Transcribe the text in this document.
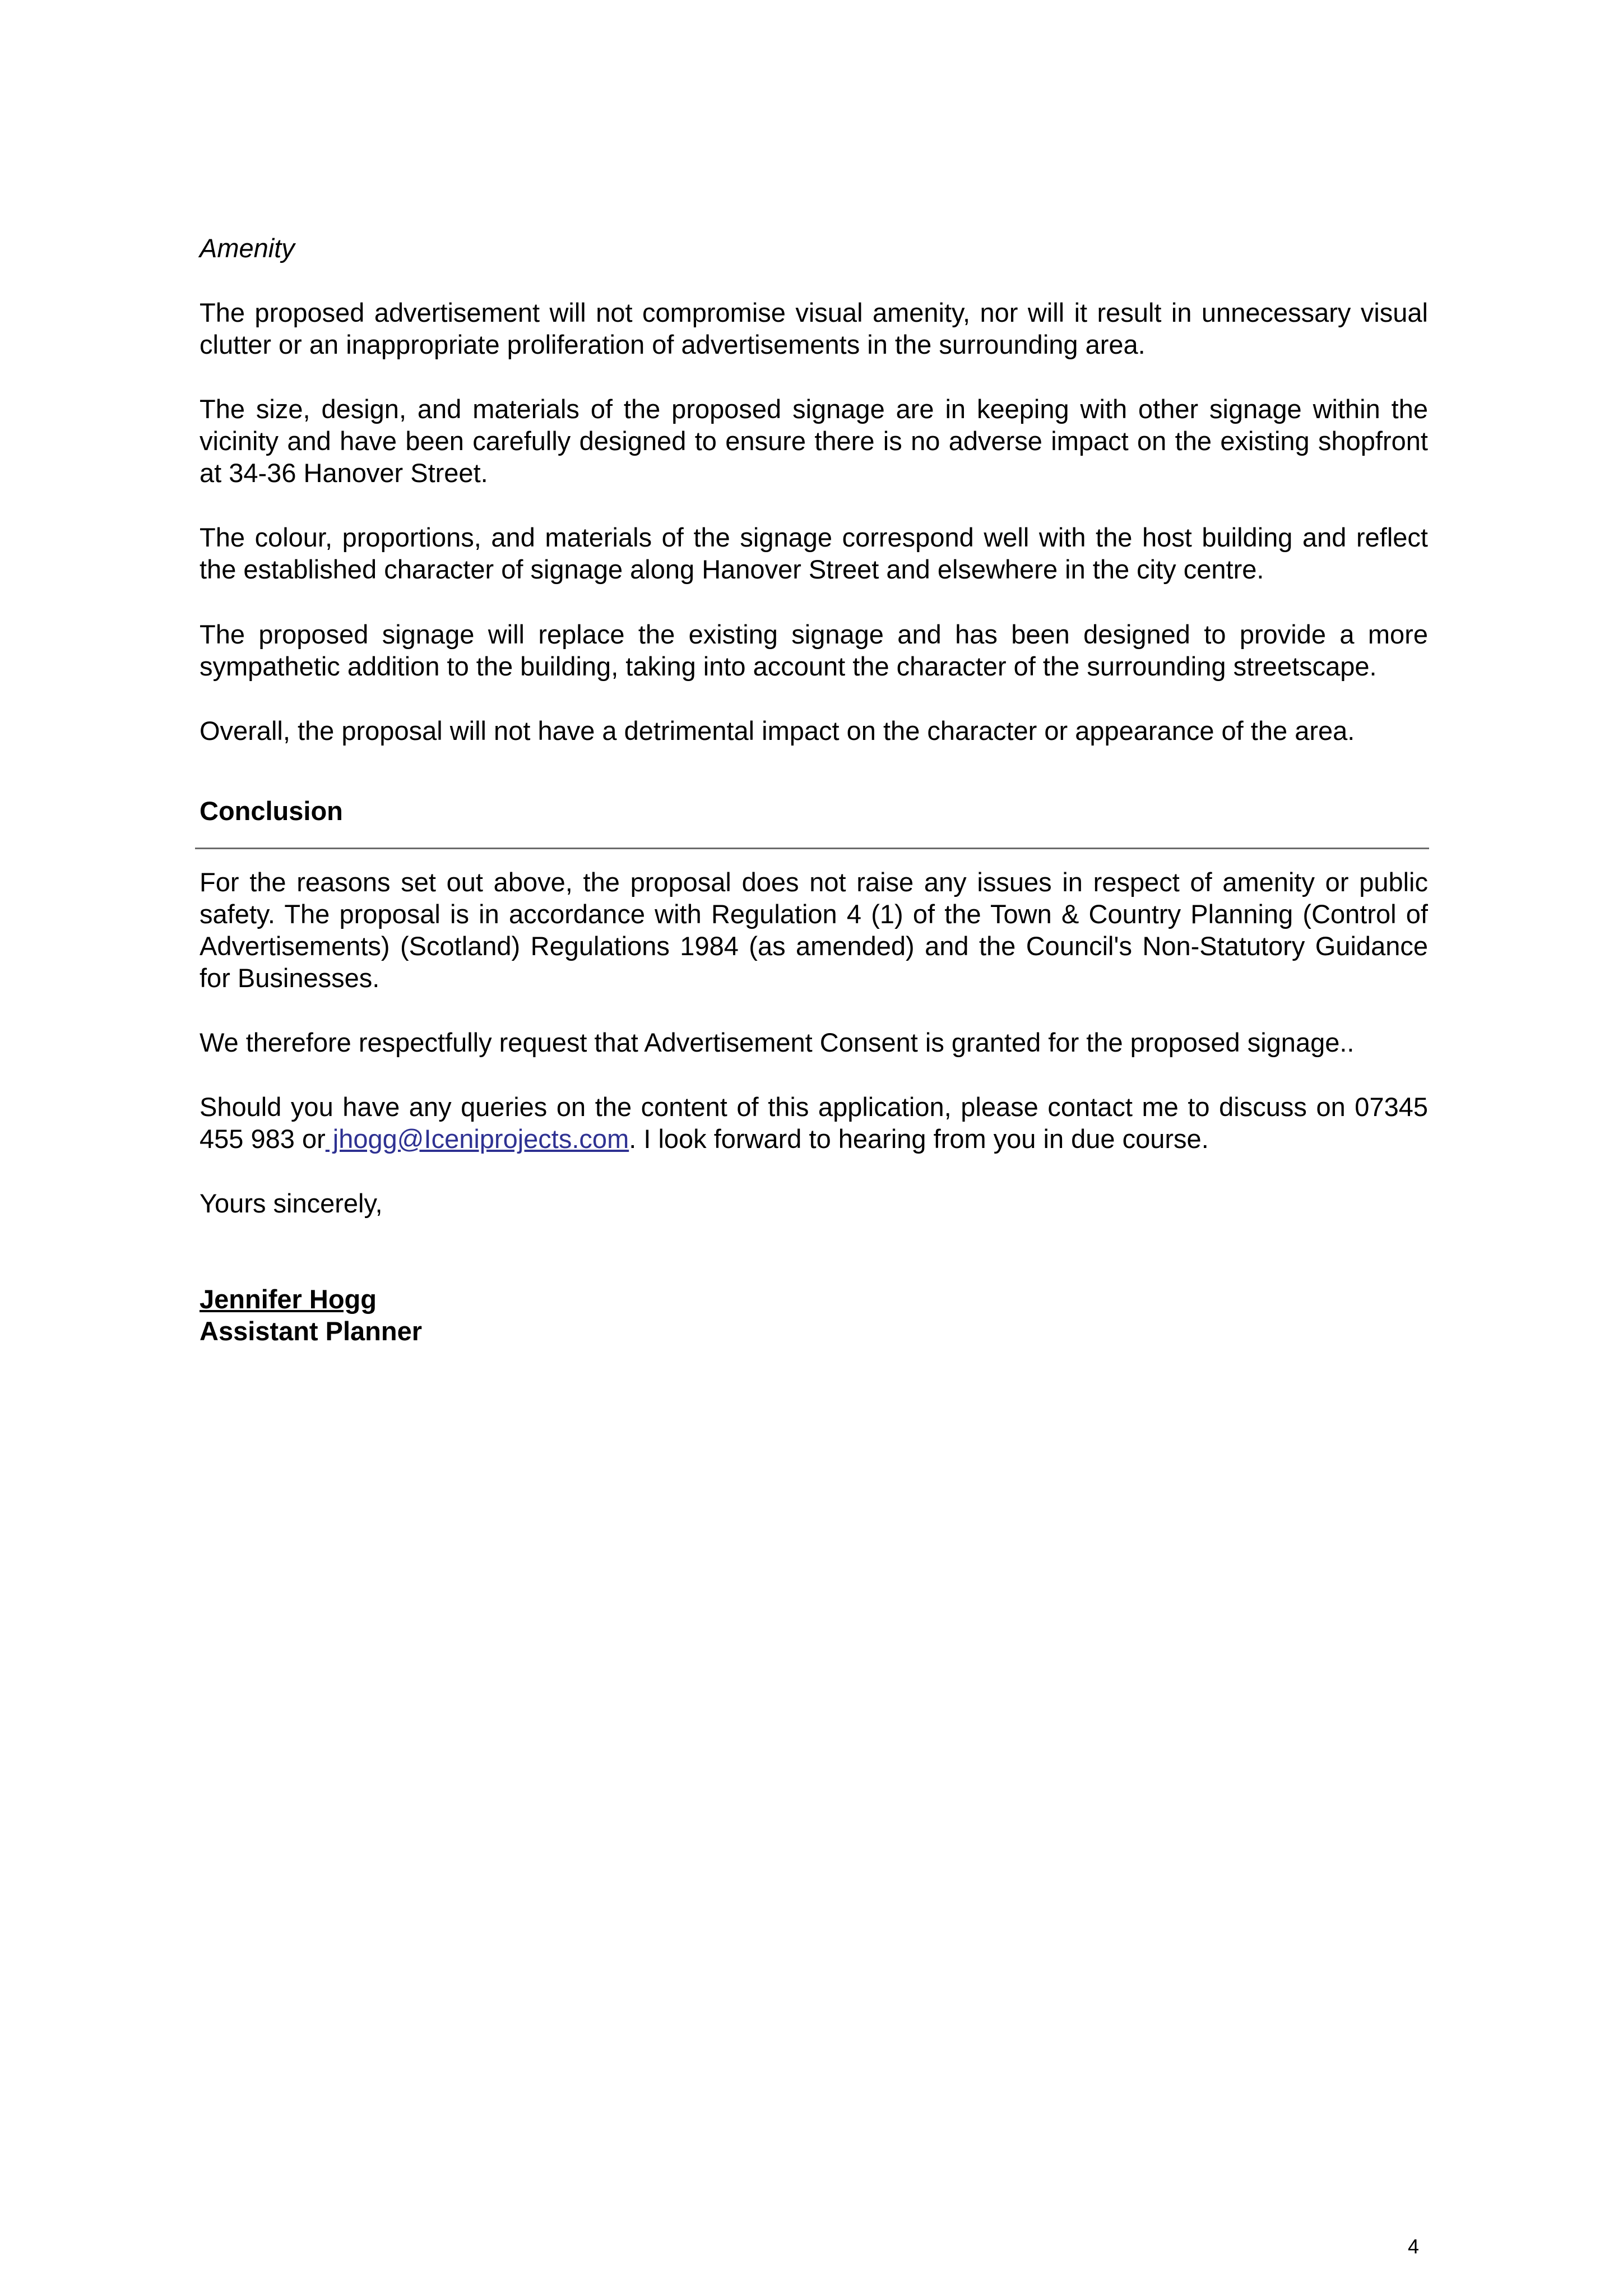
Amenity

The proposed advertisement will not compromise visual amenity, nor will it result in unnecessary visual clutter or an inappropriate proliferation of advertisements in the surrounding area.

The size, design, and materials of the proposed signage are in keeping with other signage within the vicinity and have been carefully designed to ensure there is no adverse impact on the existing shopfront at 34-36 Hanover Street.

The colour, proportions, and materials of the signage correspond well with the host building and reflect the established character of signage along Hanover Street and elsewhere in the city centre.

The proposed signage will replace the existing signage and has been designed to provide a more sympathetic addition to the building, taking into account the character of the surrounding streetscape.

Overall, the proposal will not have a detrimental impact on the character or appearance of the area.

Conclusion

For the reasons set out above, the proposal does not raise any issues in respect of amenity or public safety. The proposal is in accordance with Regulation 4 (1) of the Town & Country Planning (Control of Advertisements) (Scotland) Regulations 1984 (as amended) and the Council's Non-Statutory Guidance for Businesses.

We therefore respectfully request that Advertisement Consent is granted for the proposed signage..

Should you have any queries on the content of this application, please contact me to discuss on 07345 455 983 or jhogg@Iceniprojects.com. I look forward to hearing from you in due course.

Yours sincerely,

Jennifer Hogg

Assistant Planner

4
